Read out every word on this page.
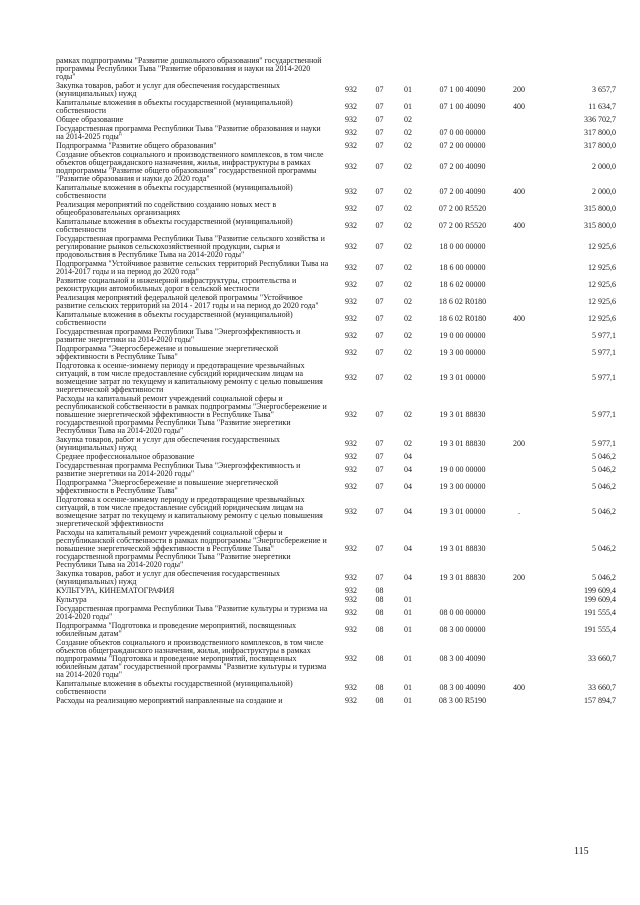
рамках подпрограммы "Развитие дошкольного образования" государственной программы Республики Тыва "Развитие образования и науки на 2014-2020 годы"						
Закупка товаров, работ и услуг для обеспечения государственных (муниципальных) нужд	932	07	01	07 1 00 40090	200	3 657,7
Капитальные вложения в объекты государственной (муниципальной) собственности	932	07	01	07 1 00 40090	400	11 634,7
Общее образование	932	07	02			336 702,7
Государственная программа Республики Тыва "Развитие образования и науки на 2014-2025 годы"	932	07	02	07 0 00 00000		317 800,0
Подпрограмма "Развитие общего образования"	932	07	02	07 2 00 00000		317 800,0
Создание объектов социального и производственного комплексов, в том числе объектов общегражданского назначения, жилья, инфраструктуры в рамках подпрограммы "Развитие общего образования" государственной программы "Развитие образования и науки до 2020 года"	932	07	02	07 2 00 40090		2 000,0
Капитальные вложения в объекты государственной (муниципальной) собственности	932	07	02	07 2 00 40090	400	2 000,0
Реализация мероприятий по содействию созданию новых мест в общеобразовательных организациях	932	07	02	07 2 00 R5520		315 800,0
Капитальные вложения в объекты государственной (муниципальной) собственности	932	07	02	07 2 00 R5520	400	315 800,0
Государственная программа Республики Тыва "Развитие сельского хозяйства и регулирование рынков сельскохозяйственной продукции, сырья и продовольствия в Республике Тыва на 2014-2020 годы"	932	07	02	18 0 00 00000		12 925,6
Подпрограмма "Устойчивое развитие сельских территорий Республики Тыва на 2014-2017 годы и на период до 2020 года"	932	07	02	18 6 00 00000		12 925,6
Развитие социальной и инженерной инфраструктуры, строительства и реконструкции автомобильных дорог в сельской местности	932	07	02	18 6 02 00000		12 925,6
Реализация мероприятий федеральной целевой программы "Устойчивое развитие сельских территорий на 2014 - 2017 годы и на период до 2020 года"	932	07	02	18 6 02 R0180		12 925,6
Капитальные вложения в объекты государственной (муниципальной) собственности	932	07	02	18 6 02 R0180	400	12 925,6
Государственная программа Республики Тыва "Энергоэффективность и развитие энергетики на 2014-2020 годы"	932	07	02	19 0 00 00000		5 977,1
Подпрограмма "Энергосбережение и повышение энергетической эффективности в Республике Тыва"	932	07	02	19 3 00 00000		5 977,1
Подготовка к осенне-зимнему периоду и предотвращение чрезвычайных ситуаций, в том числе предоставление субсидий юридическим лицам на возмещение затрат по текущему и капитальному ремонту с целью повышения энергетической эффективности	932	07	02	19 3 01 00000		5 977,1
Расходы на капитальный ремонт учреждений социальной сферы и республиканской собственности в рамках подпрограммы "Энергосбережение и повышение энергетической эффективности в Республике Тыва" государственной программы Республики Тыва "Развитие энергетики Республики Тыва на 2014-2020 годы"	932	07	02	19 3 01 88830		5 977,1
Закупка товаров, работ и услуг для обеспечения государственных (муниципальных) нужд	932	07	02	19 3 01 88830	200	5 977,1
Среднее профессиональное образование	932	07	04			5 046,2
Государственная программа Республики Тыва "Энергоэффективность и развитие энергетики на 2014-2020 годы"	932	07	04	19 0 00 00000		5 046,2
Подпрограмма "Энергосбережение и повышение энергетической эффективности в Республике Тыва"	932	07	04	19 3 00 00000		5 046,2
Подготовка к осенне-зимнему периоду и предотвращение чрезвычайных ситуаций, в том числе предоставление субсидий юридическим лицам на возмещение затрат по текущему и капитальному ремонту с целью повышения энергетической эффективности	932	07	04	19 3 01 00000	.	5 046,2
Расходы на капитальный ремонт учреждений социальной сферы и республиканской собственности в рамках подпрограммы "Энергосбережение и повышение энергетической эффективности в Республике Тыва" государственной программы Республики Тыва "Развитие энергетики Республики Тыва на 2014-2020 годы"	932	07	04	19 3 01 88830		5 046,2
Закупка товаров, работ и услуг для обеспечения государственных (муниципальных) нужд	932	07	04	19 3 01 88830	200	5 046,2
КУЛЬТУРА, КИНЕМАТОГРАФИЯ	932	08				199 609,4
Культура	932	08	01			199 609,4
Государственная программа Республики Тыва "Развитие культуры и туризма на 2014-2020 годы"	932	08	01	08 0 00 00000		191 555,4
Подпрограмма "Подготовка и проведение мероприятий, посвященных юбилейным датам"	932	08	01	08 3 00 00000		191 555,4
Создание объектов социального и производственного комплексов, в том числе объектов общегражданского назначения, жилья, инфраструктуры в рамках подпрограммы "Подготовка и проведение мероприятий, посвященных юбилейным датам" государственной программы "Развитие культуры и туризма на 2014-2020 годы"	932	08	01	08 3 00 40090		33 660,7
Капитальные вложения в объекты государственной (муниципальной) собственности	932	08	01	08 3 00 40090	400	33 660,7
Расходы на реализацию мероприятий направленные на создание и	932	08	01	08 3 00 R5190		157 894,7
115
